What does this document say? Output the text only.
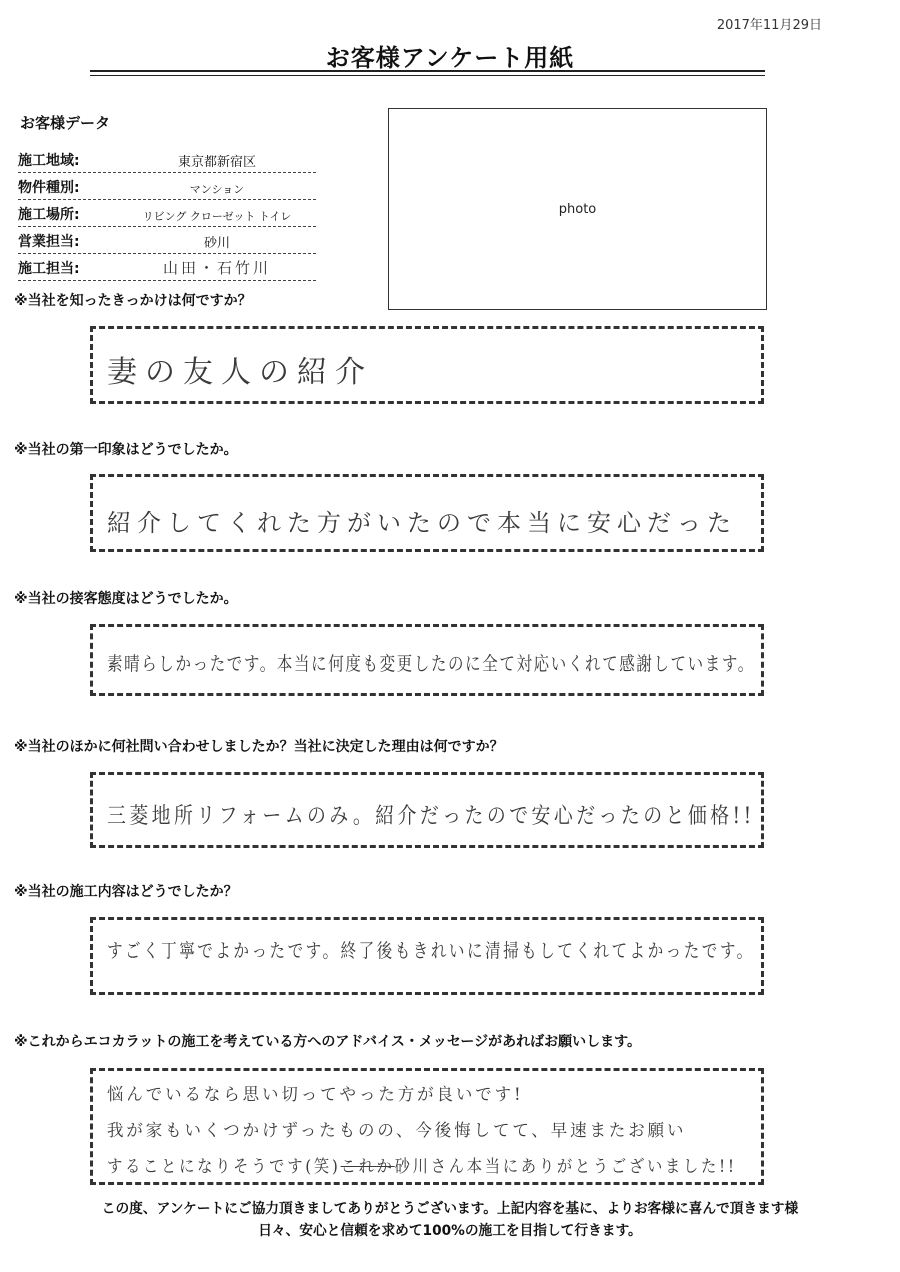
2017年11月29日
お客様アンケート用紙
お客様データ
施工地域:	東京都新宿区
物件種別:	マンション
施工場所:	リビング クローゼット トイレ
営業担当:	砂川
施工担当:	山田・石竹川
photo
※当社を知ったきっかけは何ですか？
妻の友人の紹介
※当社の第一印象はどうでしたか。
紹介してくれた方がいたので本当に安心だった
※当社の接客態度はどうでしたか。
素晴らしかったです。本当に何度も変更したのに全て対応いくれて感謝しています。
※当社のほかに何社問い合わせしましたか？当社に決定した理由は何ですか？
三菱地所リフォームのみ。紹介だったので安心だったのと価格!!
※当社の施工内容はどうでしたか？
すごく丁寧でよかったです。終了後もきれいに清掃もしてくれてよかったです。
※これからエコカラットの施工を考えている方へのアドバイス・メッセージがあればお願いします。
悩んでいるなら思い切ってやった方が良いです!
我が家もいくつかけずったものの、今後悔してて、早速またお願い
することになりそうです(笑)これか砂川さん本当にありがとうございました!!
この度、アンケートにご協力頂きましてありがとうございます。上記内容を基に、よりお客様に喜んで頂きます様
日々、安心と信頼を求めて100%の施工を目指して行きます。
